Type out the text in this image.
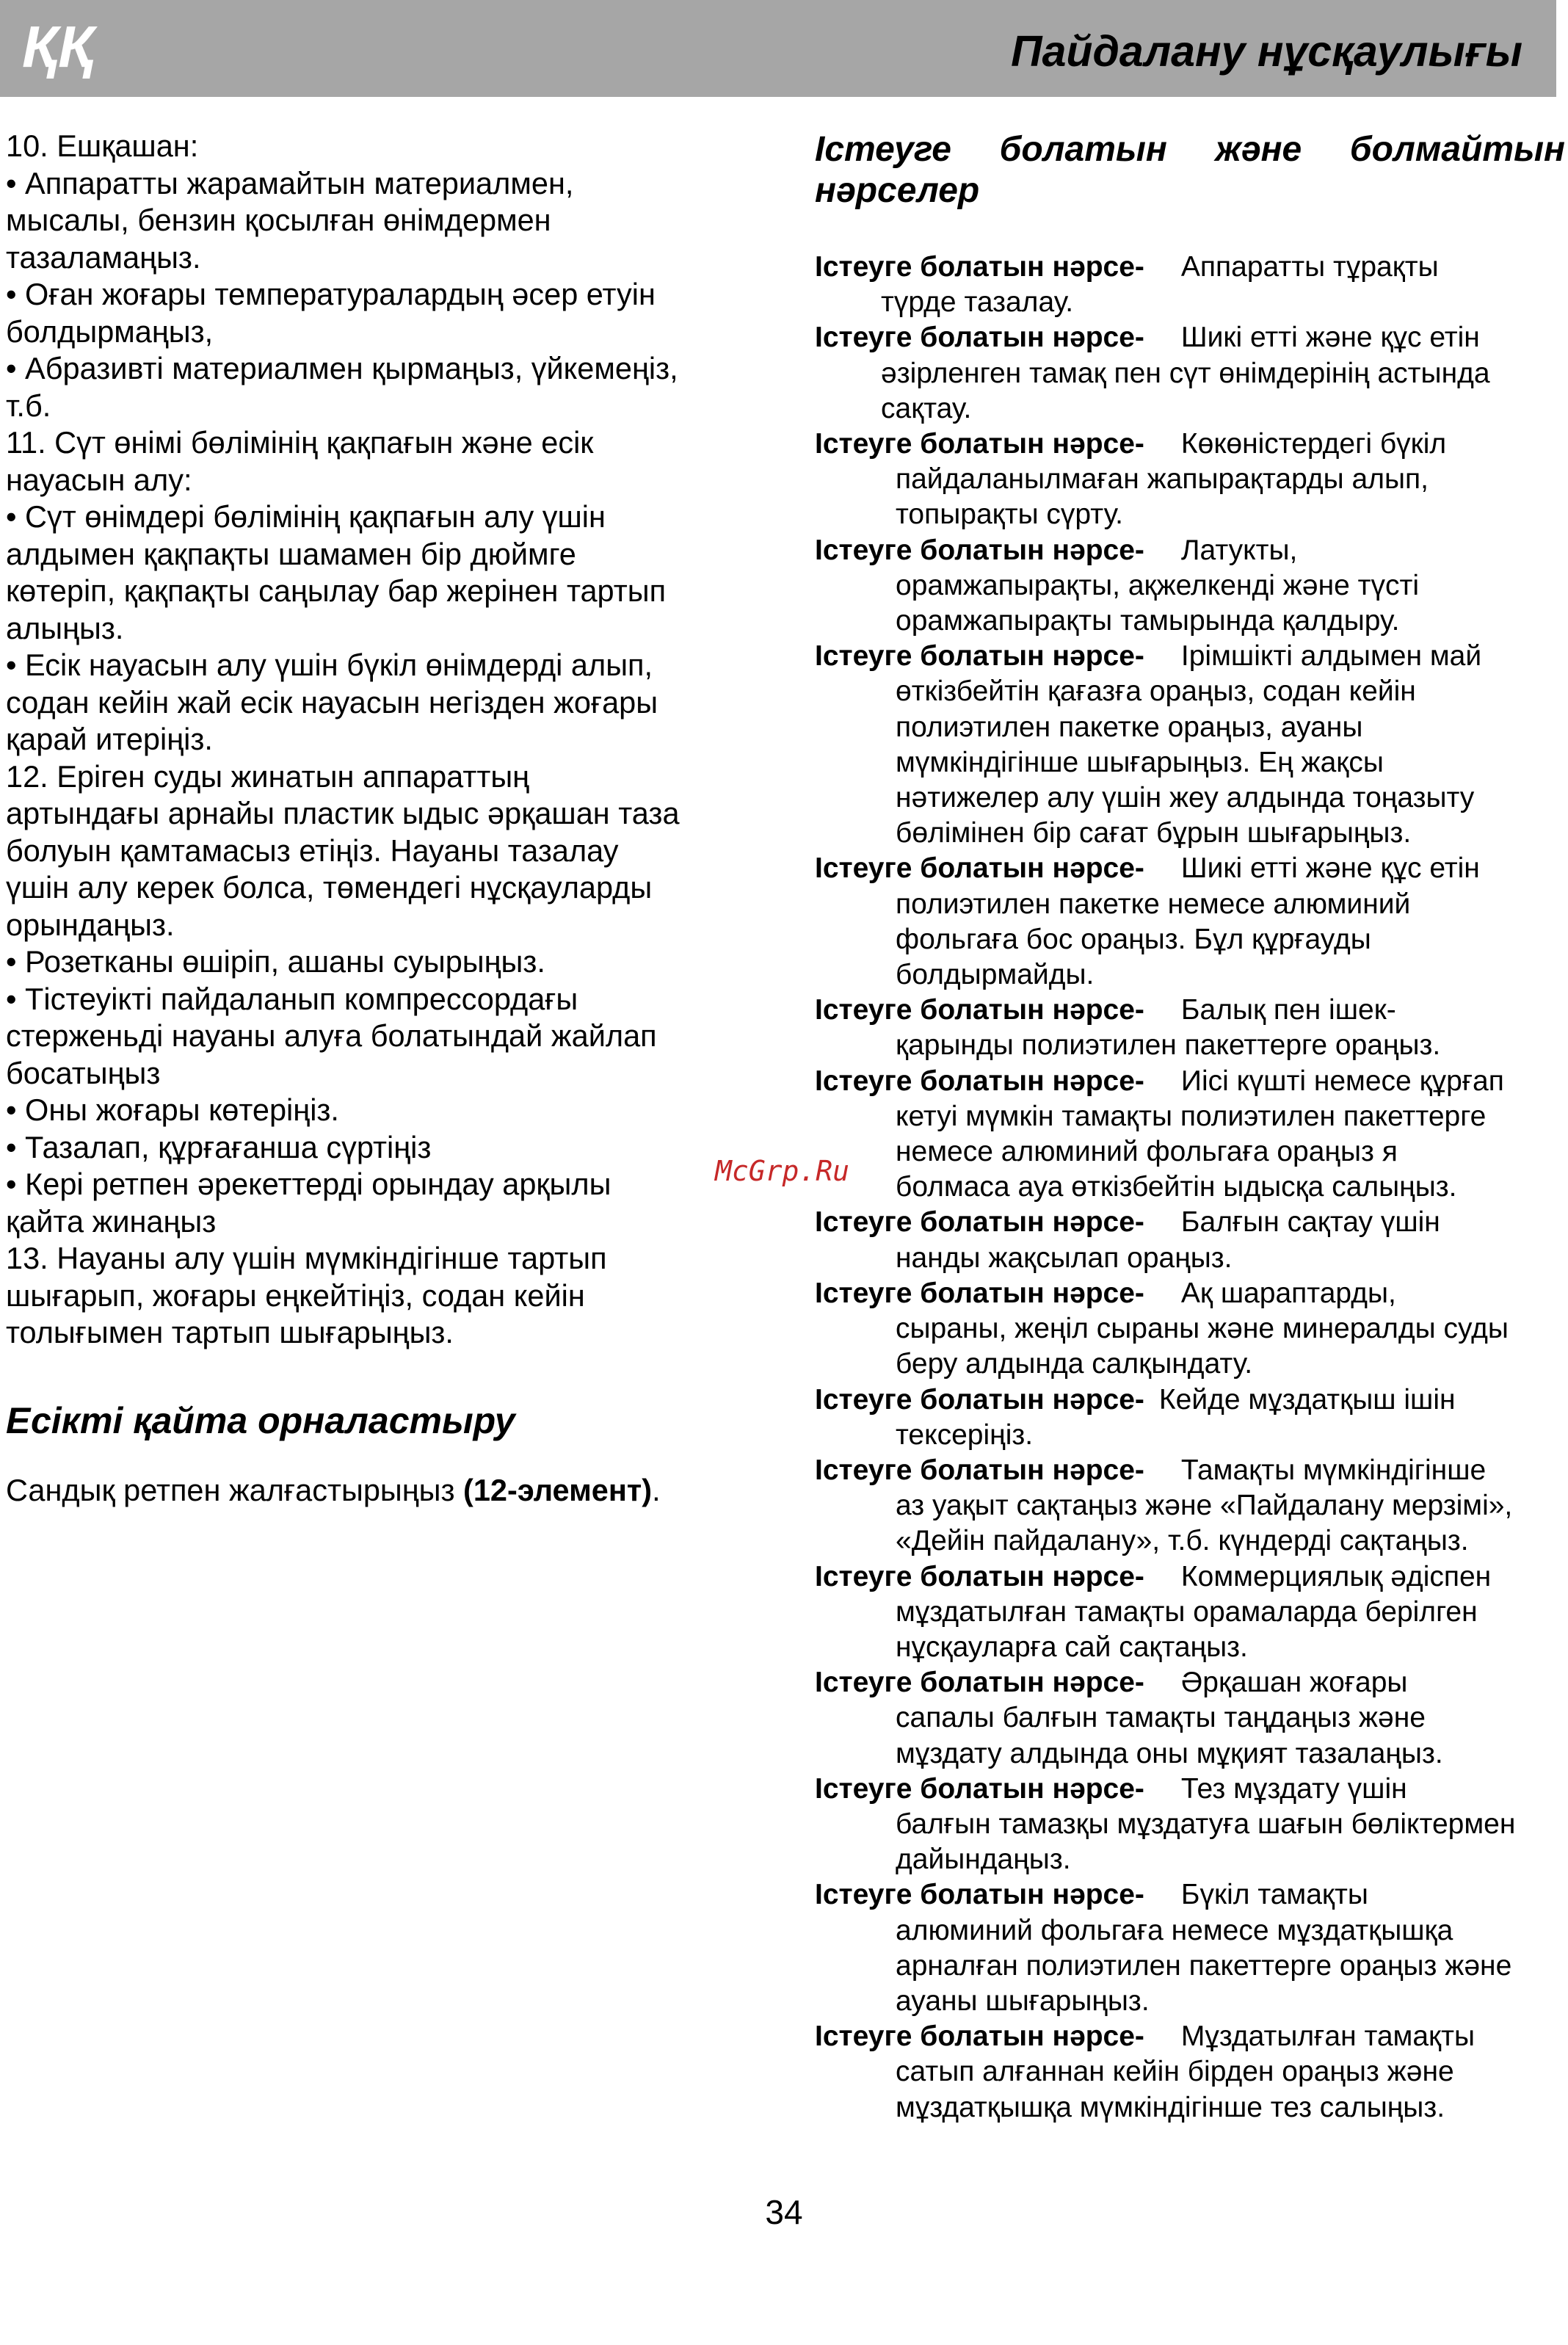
ҚҚ	Пайдалану нұсқаулығы
10. Ешқашан:
• Аппаратты жарамайтын материалмен,
мысалы, бензин қосылған өнімдермен
тазаламаңыз.
• Оған жоғары температуралардың әсер етуін
болдырмаңыз,
• Абразивті материалмен қырмаңыз, үйкемеңіз,
т.б.
11. Сүт өнімі бөлімінің қақпағын және есік
науасын алу:
• Сүт өнімдері бөлімінің қақпағын алу үшін
алдымен қақпақты шамамен бір дюймге
көтеріп, қақпақты саңылау бар жерінен тартып
алыңыз.
• Есік науасын алу үшін бүкіл өнімдерді алып,
содан кейін жай есік науасын негізден жоғары
қарай итеріңіз.
12. Еріген суды жинатын аппараттың
артындағы арнайы пластик ыдыс әрқашан таза
болуын қамтамасыз етіңіз. Науаны тазалау
үшін алу керек болса, төмендегі нұсқауларды
орындаңыз.
• Розетканы өшіріп, ашаны суырыңыз.
• Тістеуікті пайдаланып компрессордағы
стерженьді науаны алуға болатындай жайлап
босатыңыз
• Оны жоғары көтеріңіз.
• Тазалап, құрғағанша сүртіңіз
• Кері ретпен әрекеттерді орындау арқылы
қайта жинаңыз
13. Науаны алу үшін мүмкіндігінше тартып
шығарып, жоғары еңкейтіңіз, содан кейін
толығымен тартып шығарыңыз.
Есікті қайта орналастыру
Сандық ретпен жалғастырыңыз (12-элемент).
Істеуге болатын және болмайтын
нәрселер
Істеуге болатын нәрсе- Аппаратты тұрақты
түрде тазалау.
Істеуге болатын нәрсе- Шикі етті және құс етін
әзірленген тамақ пен сүт өнімдерінің астында
сақтау.
Істеуге болатын нәрсе- Көкөністердегі бүкіл
пайдаланылмаған жапырақтарды алып,
топырақты сүрту.
Істеуге болатын нәрсе- Латукты,
орамжапырақты, ақжелкенді және түсті
орамжапырақты тамырында қалдыру.
Істеуге болатын нәрсе- Ірімшікті алдымен май
өткізбейтін қағазға ораңыз, содан кейін
полиэтилен пакетке ораңыз, ауаны
мүмкіндігінше шығарыңыз. Ең жақсы
нәтижелер алу үшін жеу алдында тоңазыту
бөлімінен бір сағат бұрын шығарыңыз.
Істеуге болатын нәрсе- Шикі етті және құс етін
полиэтилен пакетке немесе алюминий
фольгаға бос ораңыз. Бұл құрғауды
болдырмайды.
Істеуге болатын нәрсе- Балық пен ішек-
қарынды полиэтилен пакеттерге ораңыз.
Істеуге болатын нәрсе- Иісі күшті немесе құрғап
кетуі мүмкін тамақты полиэтилен пакеттерге
немесе алюминий фольгаға ораңыз я
болмаса ауа өткізбейтін ыдысқа салыңыз.
Істеуге болатын нәрсе- Балғын сақтау үшін
нанды жақсылап ораңыз.
Істеуге болатын нәрсе- Ақ шараптарды,
сыраны, жеңіл сыраны және минералды суды
беру алдында салқындату.
Істеуге болатын нәрсе- Кейде мұздатқыш ішін
тексеріңіз.
Істеуге болатын нәрсе- Тамақты мүмкіндігінше
аз уақыт сақтаңыз және «Пайдалану мерзімі»,
«Дейін пайдалану», т.б. күндерді сақтаңыз.
Істеуге болатын нәрсе- Коммерциялық әдіспен
мұздатылған тамақты орамаларда берілген
нұсқауларға сай сақтаңыз.
Істеуге болатын нәрсе- Әрқашан жоғары
сапалы балғын тамақты таңдаңыз және
мұздату алдында оны мұқият тазалаңыз.
Істеуге болатын нәрсе- Тез мұздату үшін
балғын тамазқы мұздатуға шағын бөліктермен
дайындаңыз.
Істеуге болатын нәрсе- Бүкіл тамақты
алюминий фольгаға немесе мұздатқышқа
арналған полиэтилен пакеттерге ораңыз және
ауаны шығарыңыз.
Істеуге болатын нәрсе- Мұздатылған тамақты
сатып алғаннан кейін бірден ораңыз және
мұздатқышқа мүмкіндігінше тез салыңыз.
McGrp.Ru
34
